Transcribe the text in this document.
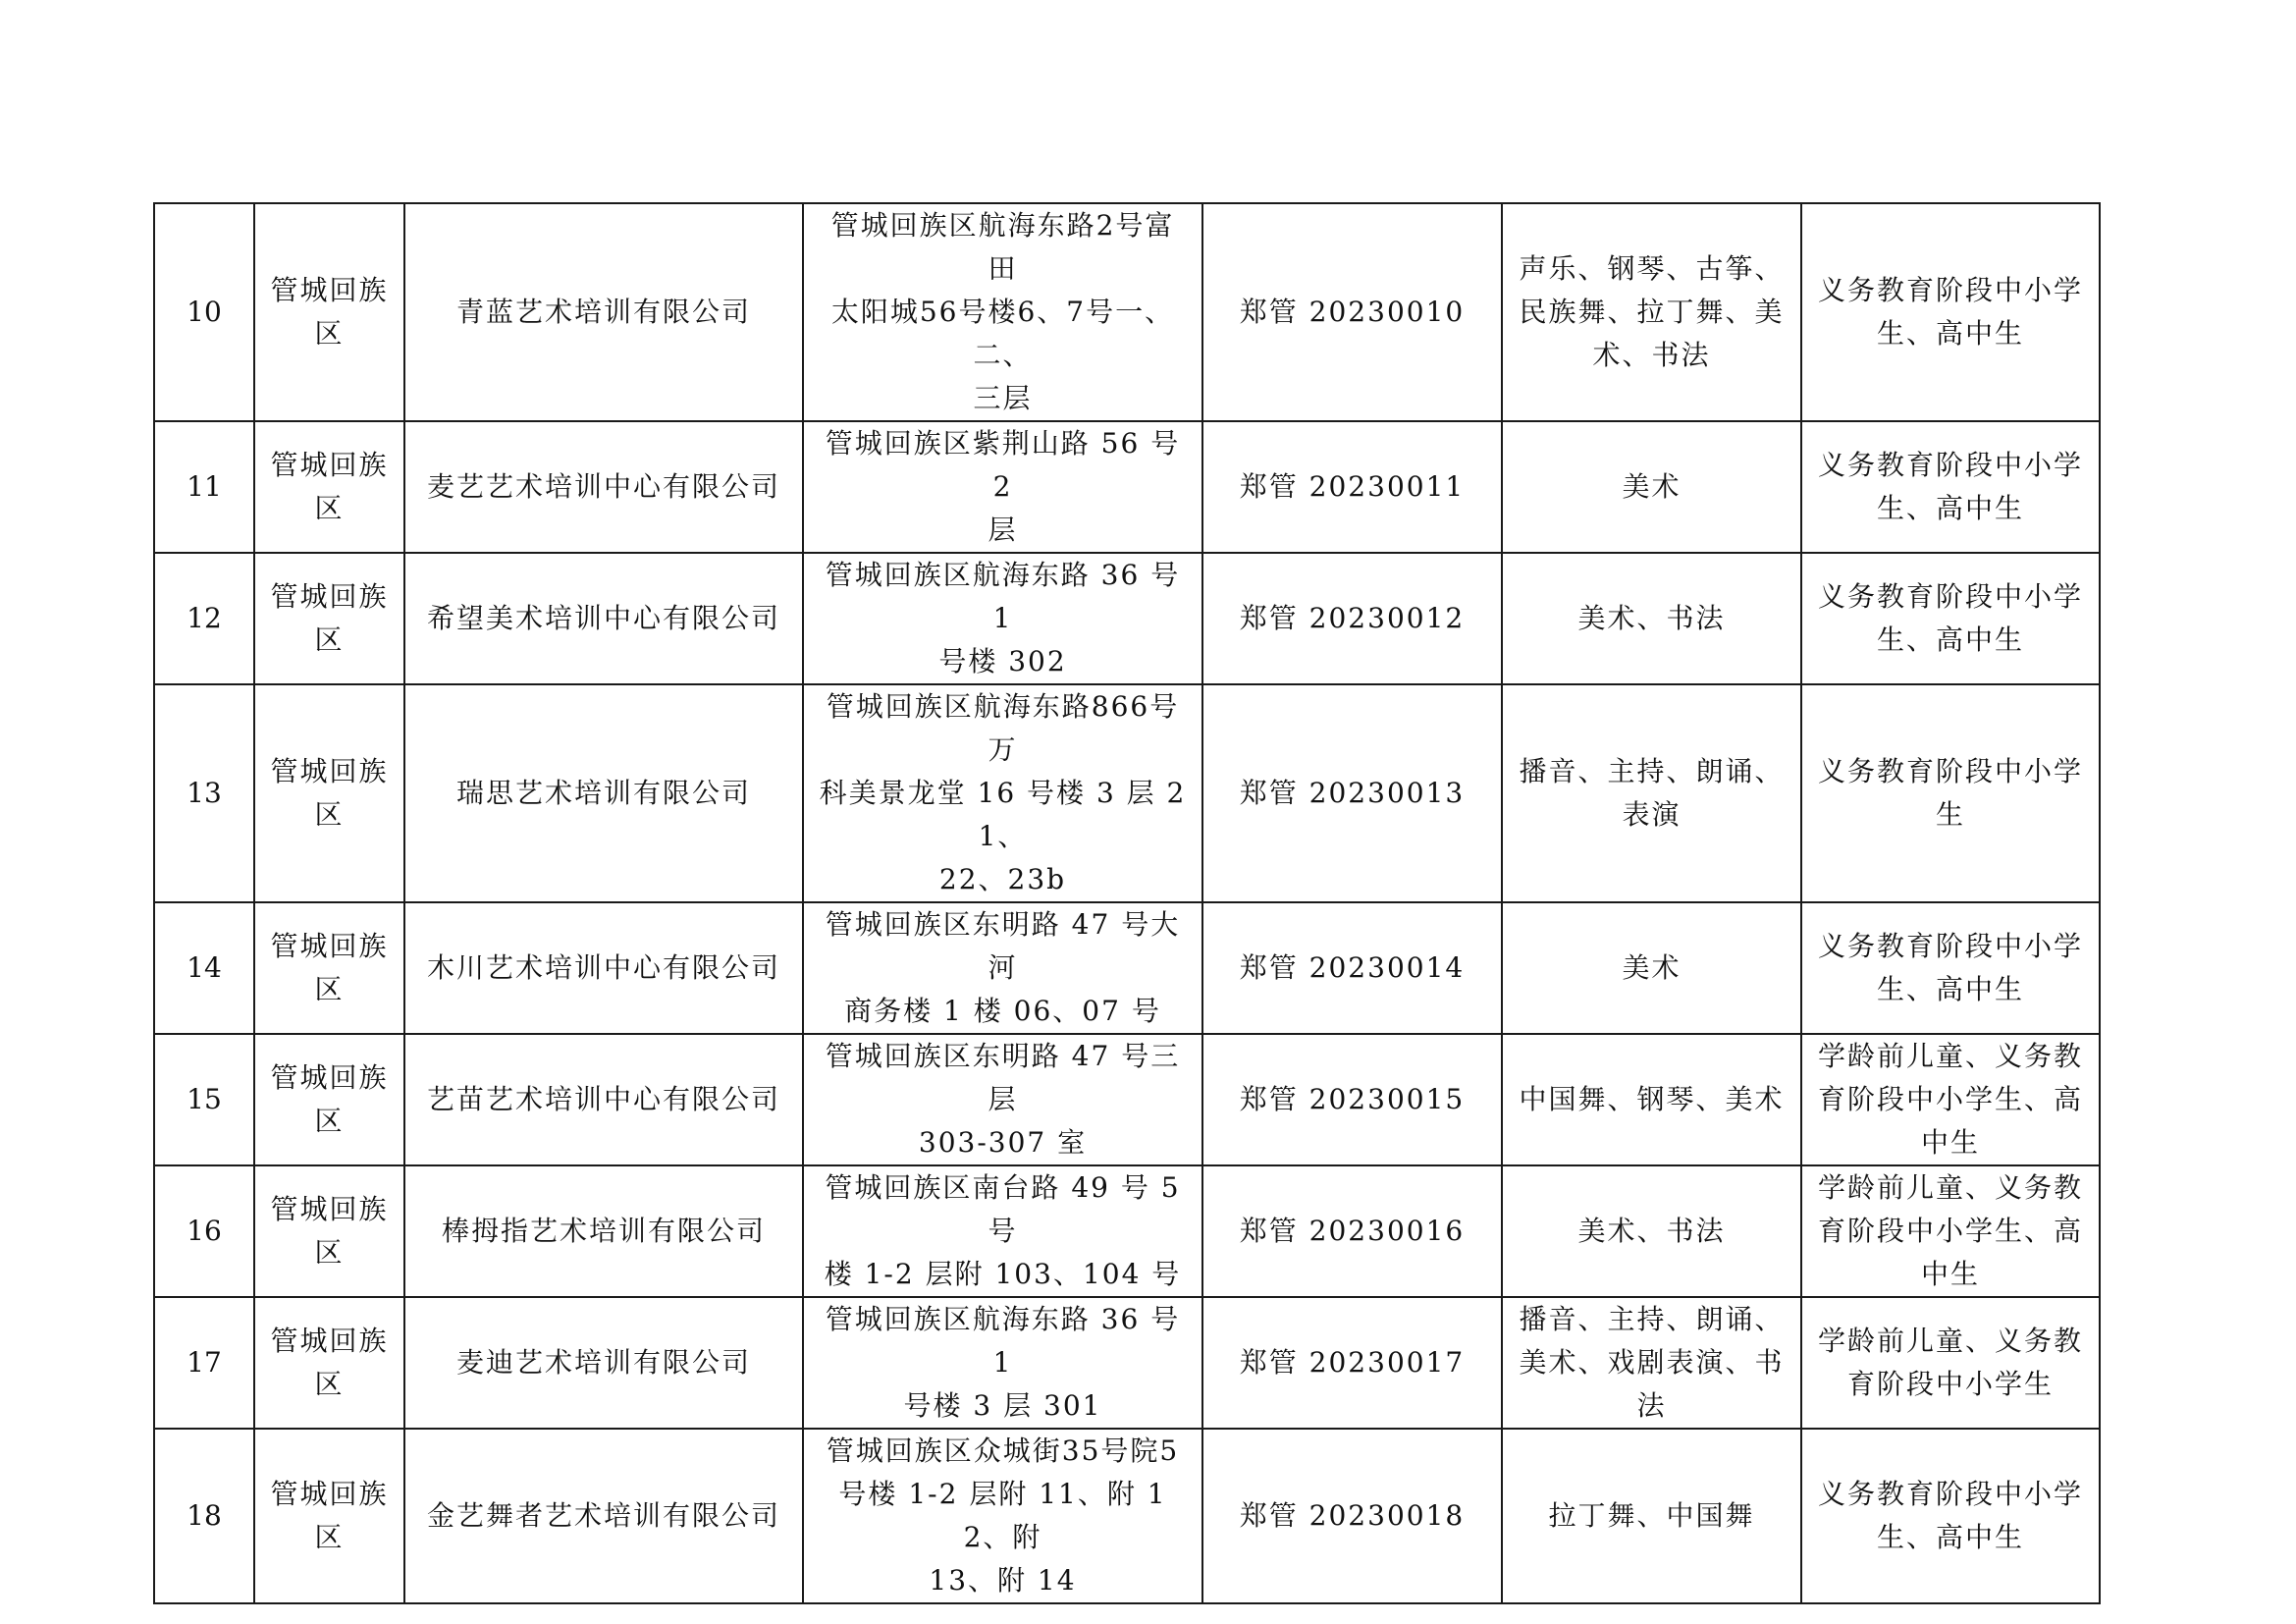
10	管城回族
区	青蓝艺术培训有限公司	管城回族区航海东路2号富田
太阳城56号楼6、7号一、二、
三层	郑管 20230010	声乐、钢琴、古筝、
民族舞、拉丁舞、美
术、书法	义务教育阶段中小学
生、高中生

11	管城回族
区	麦艺艺术培训中心有限公司	管城回族区紫荆山路 56 号 2
层	郑管 20230011	美术	义务教育阶段中小学
生、高中生

12	管城回族
区	希望美术培训中心有限公司	管城回族区航海东路 36 号 1
号楼 302	郑管 20230012	美术、书法	义务教育阶段中小学
生、高中生

13	管城回族
区	瑞思艺术培训有限公司	管城回族区航海东路866号万
科美景龙堂 16 号楼 3 层 21、
22、23b	郑管 20230013	播音、主持、朗诵、
表演	义务教育阶段中小学
生

14	管城回族
区	木川艺术培训中心有限公司	管城回族区东明路 47 号大河
商务楼 1 楼 06、07 号	郑管 20230014	美术	义务教育阶段中小学
生、高中生

15	管城回族
区	艺苗艺术培训中心有限公司	管城回族区东明路 47 号三层
303-307 室	郑管 20230015	中国舞、钢琴、美术	学龄前儿童、义务教
育阶段中小学生、高
中生

16	管城回族
区	棒拇指艺术培训有限公司	管城回族区南台路 49 号 5 号
楼 1-2 层附 103、104 号	郑管 20230016	美术、书法	学龄前儿童、义务教
育阶段中小学生、高
中生

17	管城回族
区	麦迪艺术培训有限公司	管城回族区航海东路 36 号 1
号楼 3 层 301	郑管 20230017	播音、主持、朗诵、
美术、戏剧表演、书
法	学龄前儿童、义务教
育阶段中小学生

18	管城回族
区	金艺舞者艺术培训有限公司	管城回族区众城街35号院5
号楼 1-2 层附 11、附 12、附
13、附 14	郑管 20230018	拉丁舞、中国舞	义务教育阶段中小学
生、高中生
